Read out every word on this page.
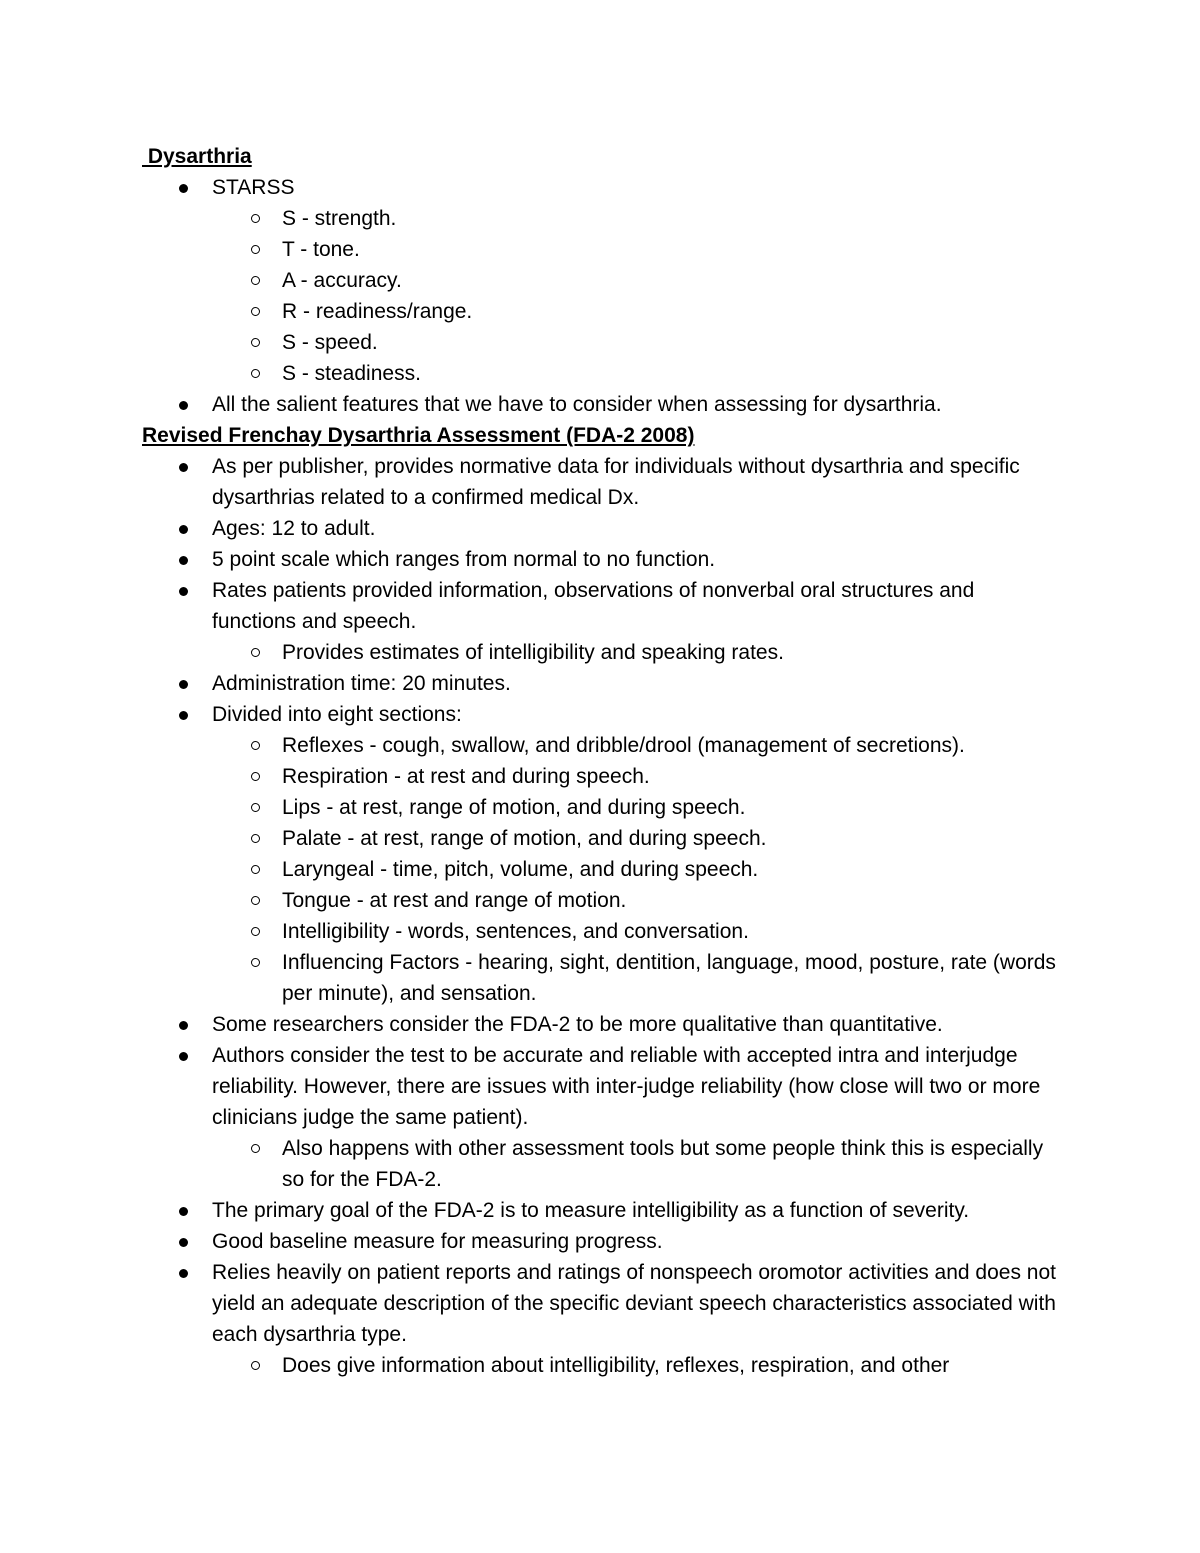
Dysarthria

STARSS
S - strength.
T - tone.
A - accuracy.
R - readiness/range.
S - speed.
S - steadiness.
All the salient features that we have to consider when assessing for dysarthria.

Revised Frenchay Dysarthria Assessment (FDA-2 2008)

As per publisher, provides normative data for individuals without dysarthria and specific dysarthrias related to a confirmed medical Dx.
Ages: 12 to adult.
5 point scale which ranges from normal to no function.
Rates patients provided information, observations of nonverbal oral structures and functions and speech.
Provides estimates of intelligibility and speaking rates.
Administration time: 20 minutes.
Divided into eight sections:
Reflexes - cough, swallow, and dribble/drool (management of secretions).
Respiration - at rest and during speech.
Lips - at rest, range of motion, and during speech.
Palate - at rest, range of motion, and during speech.
Laryngeal - time, pitch, volume, and during speech.
Tongue - at rest and range of motion.
Intelligibility - words, sentences, and conversation.
Influencing Factors - hearing, sight, dentition, language, mood, posture, rate (words per minute), and sensation.
Some researchers consider the FDA-2 to be more qualitative than quantitative.
Authors consider the test to be accurate and reliable with accepted intra and interjudge reliability. However, there are issues with inter-judge reliability (how close will two or more clinicians judge the same patient).
Also happens with other assessment tools but some people think this is especially so for the FDA-2.
The primary goal of the FDA-2 is to measure intelligibility as a function of severity.
Good baseline measure for measuring progress.
Relies heavily on patient reports and ratings of nonspeech oromotor activities and does not yield an adequate description of the specific deviant speech characteristics associated with each dysarthria type.
Does give information about intelligibility, reflexes, respiration, and other
